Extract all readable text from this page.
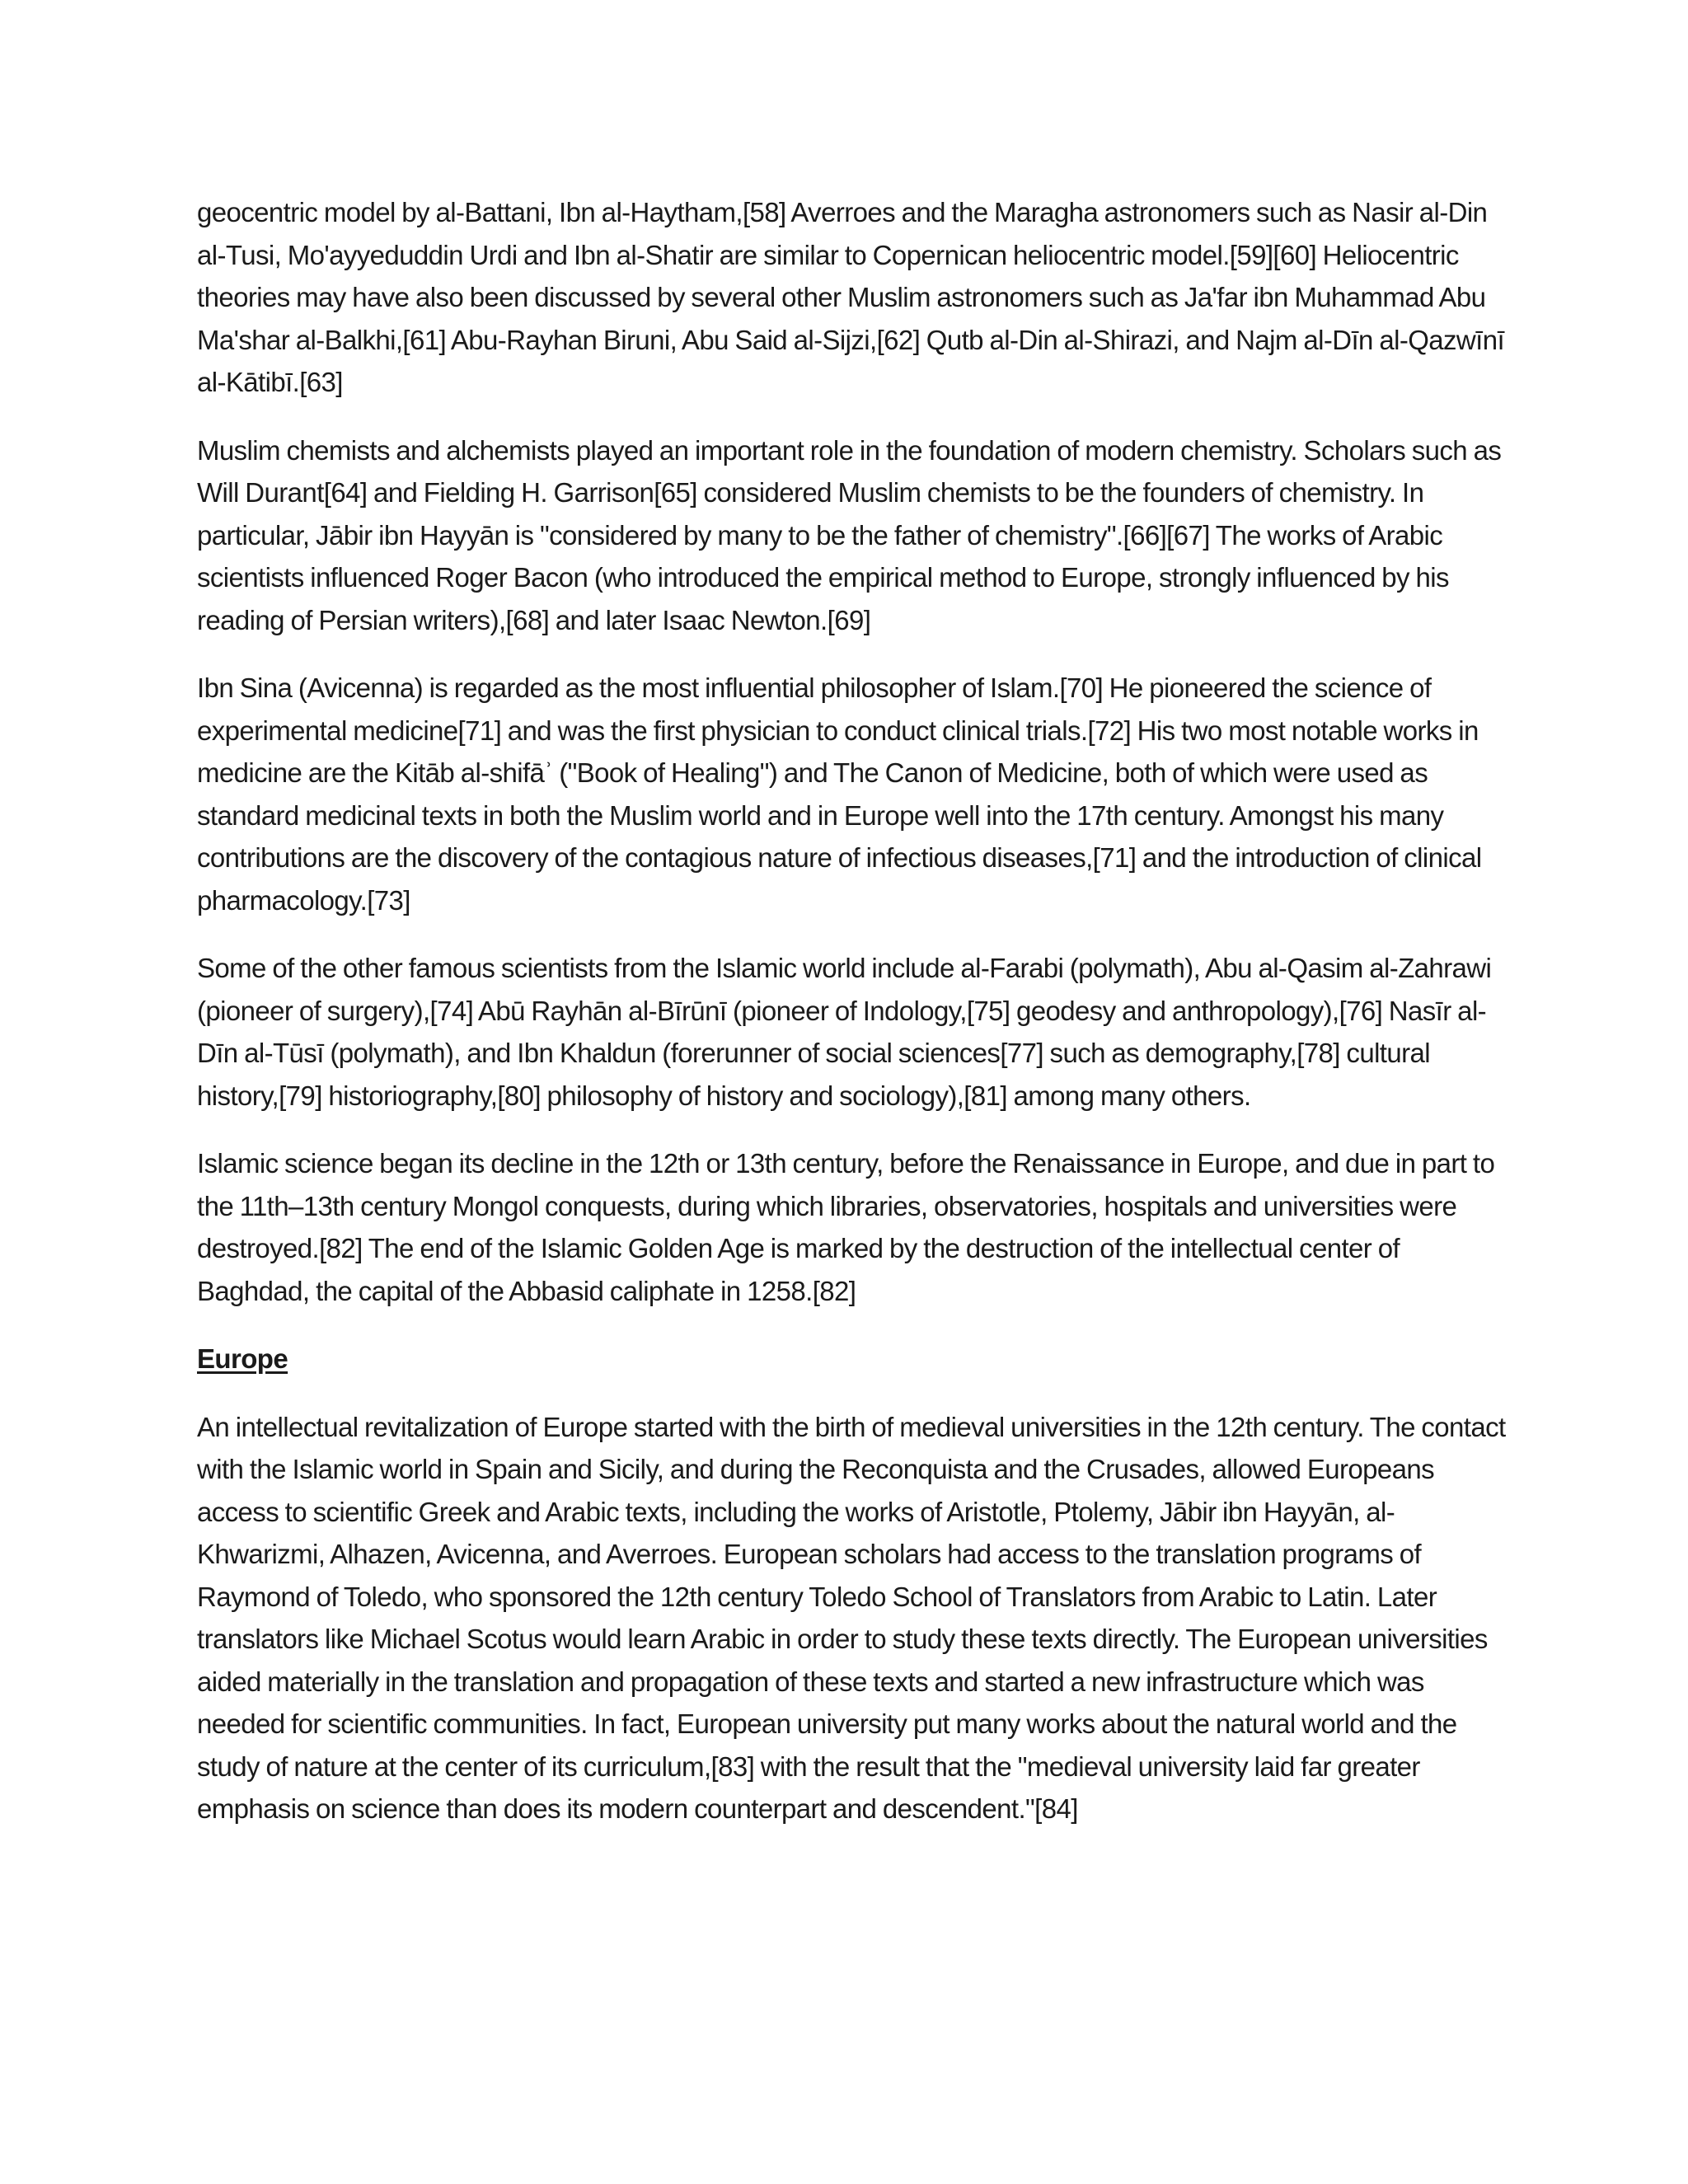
geocentric model by al-Battani, Ibn al-Haytham,[58] Averroes and the Maragha astronomers such as Nasir al-Din al-Tusi, Mo'ayyeduddin Urdi and Ibn al-Shatir are similar to Copernican heliocentric model.[59][60] Heliocentric theories may have also been discussed by several other Muslim astronomers such as Ja'far ibn Muhammad Abu Ma'shar al-Balkhi,[61] Abu-Rayhan Biruni, Abu Said al-Sijzi,[62] Qutb al-Din al-Shirazi, and Najm al-Dīn al-Qazwīnī al-Kātibī.[63]

Muslim chemists and alchemists played an important role in the foundation of modern chemistry. Scholars such as Will Durant[64] and Fielding H. Garrison[65] considered Muslim chemists to be the founders of chemistry. In particular, Jābir ibn Hayyān is "considered by many to be the father of chemistry".[66][67] The works of Arabic scientists influenced Roger Bacon (who introduced the empirical method to Europe, strongly influenced by his reading of Persian writers),[68] and later Isaac Newton.[69]

Ibn Sina (Avicenna) is regarded as the most influential philosopher of Islam.[70] He pioneered the science of experimental medicine[71] and was the first physician to conduct clinical trials.[72] His two most notable works in medicine are the Kitāb al-shifāʾ ("Book of Healing") and The Canon of Medicine, both of which were used as standard medicinal texts in both the Muslim world and in Europe well into the 17th century. Amongst his many contributions are the discovery of the contagious nature of infectious diseases,[71] and the introduction of clinical pharmacology.[73]

Some of the other famous scientists from the Islamic world include al-Farabi (polymath), Abu al-Qasim al-Zahrawi (pioneer of surgery),[74] Abū Rayhān al-Bīrūnī (pioneer of Indology,[75] geodesy and anthropology),[76] Nasīr al-Dīn al-Tūsī (polymath), and Ibn Khaldun (forerunner of social sciences[77] such as demography,[78] cultural history,[79] historiography,[80] philosophy of history and sociology),[81] among many others.

Islamic science began its decline in the 12th or 13th century, before the Renaissance in Europe, and due in part to the 11th–13th century Mongol conquests, during which libraries, observatories, hospitals and universities were destroyed.[82] The end of the Islamic Golden Age is marked by the destruction of the intellectual center of Baghdad, the capital of the Abbasid caliphate in 1258.[82]

Europe

An intellectual revitalization of Europe started with the birth of medieval universities in the 12th century. The contact with the Islamic world in Spain and Sicily, and during the Reconquista and the Crusades, allowed Europeans access to scientific Greek and Arabic texts, including the works of Aristotle, Ptolemy, Jābir ibn Hayyān, al-Khwarizmi, Alhazen, Avicenna, and Averroes. European scholars had access to the translation programs of Raymond of Toledo, who sponsored the 12th century Toledo School of Translators from Arabic to Latin. Later translators like Michael Scotus would learn Arabic in order to study these texts directly. The European universities aided materially in the translation and propagation of these texts and started a new infrastructure which was needed for scientific communities. In fact, European university put many works about the natural world and the study of nature at the center of its curriculum,[83] with the result that the "medieval university laid far greater emphasis on science than does its modern counterpart and descendent."[84]
